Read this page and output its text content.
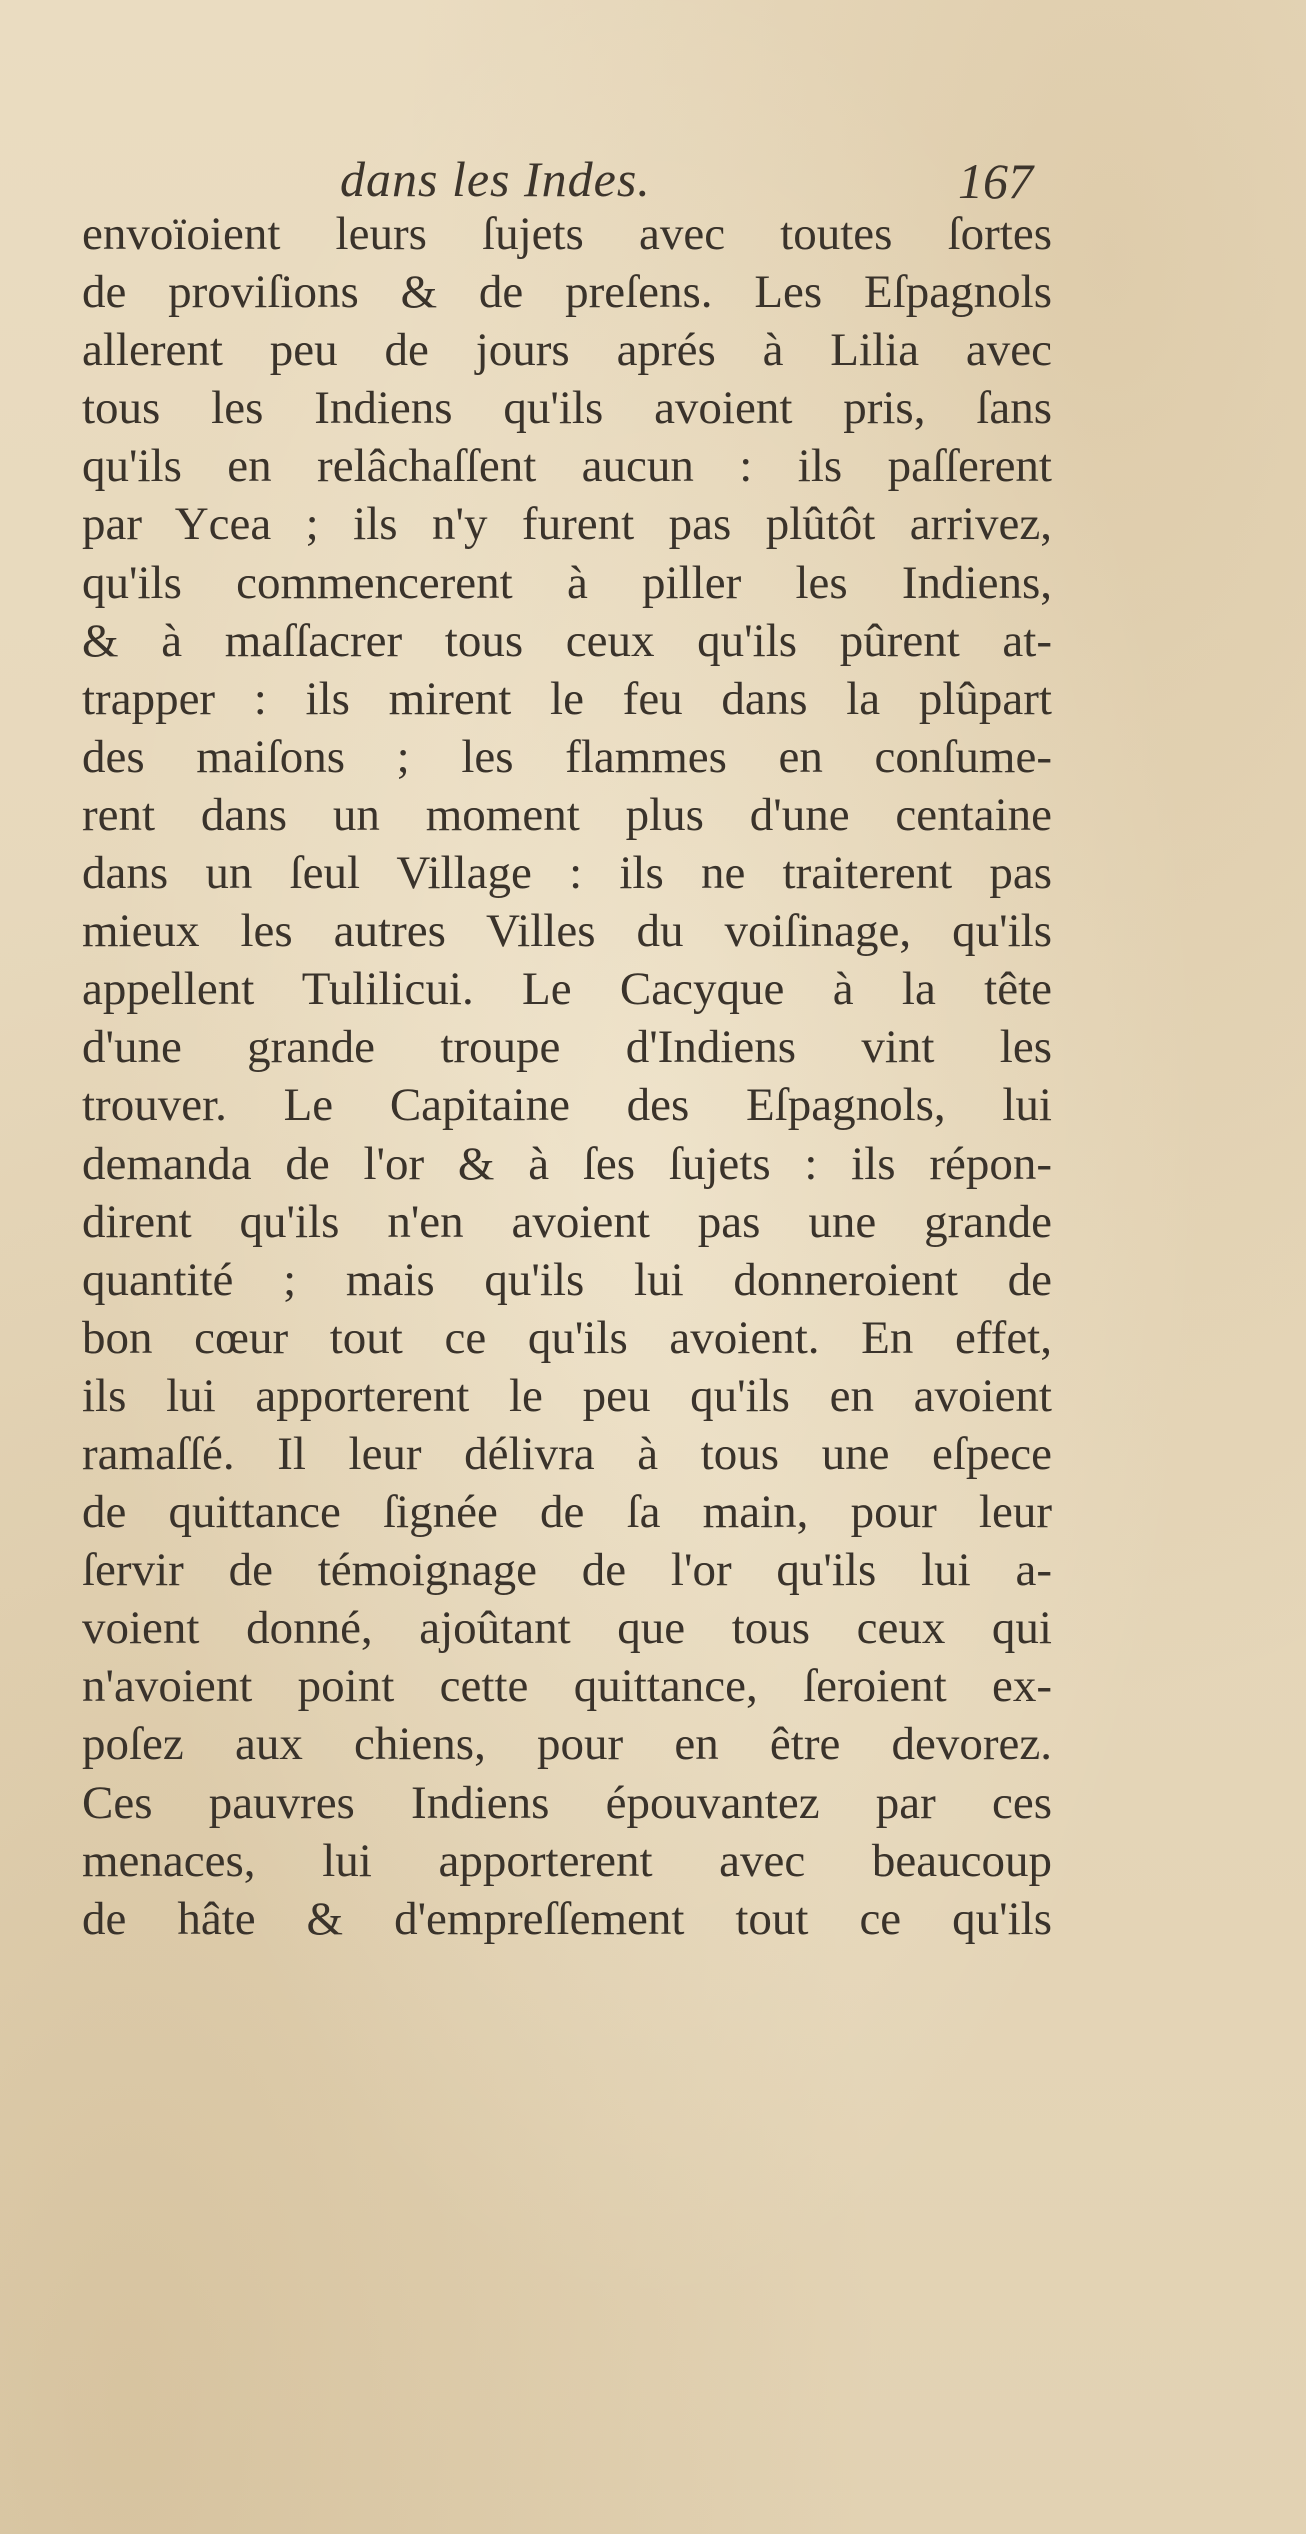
dans les Indes.	167
envoïoient leurs ſujets avec toutes ſortes
de proviſions & de preſens. Les Eſpagnols
allerent peu de jours aprés à Lilia avec
tous les Indiens qu'ils avoient pris, ſans
qu'ils en relâchaſſent aucun : ils paſſerent
par Ycea ; ils n'y furent pas plûtôt arrivez,
qu'ils commencerent à piller les Indiens,
& à maſſacrer tous ceux qu'ils pûrent at-
trapper : ils mirent le feu dans la plûpart
des maiſons ; les flammes en conſume-
rent dans un moment plus d'une centaine
dans un ſeul Village : ils ne traiterent pas
mieux les autres Villes du voiſinage, qu'ils
appellent Tulilicui. Le Cacyque à la tête
d'une grande troupe d'Indiens vint les
trouver. Le Capitaine des Eſpagnols, lui
demanda de l'or & à ſes ſujets : ils répon-
dirent qu'ils n'en avoient pas une grande
quantité ; mais qu'ils lui donneroient de
bon cœur tout ce qu'ils avoient. En effet,
ils lui apporterent le peu qu'ils en avoient
ramaſſé. Il leur délivra à tous une eſpece
de quittance ſignée de ſa main, pour leur
ſervir de témoignage de l'or qu'ils lui a-
voient donné, ajoûtant que tous ceux qui
n'avoient point cette quittance, ſeroient ex-
poſez aux chiens, pour en être devorez.
Ces pauvres Indiens épouvantez par ces
menaces, lui apporterent avec beaucoup
de hâte & d'empreſſement tout ce qu'ils
